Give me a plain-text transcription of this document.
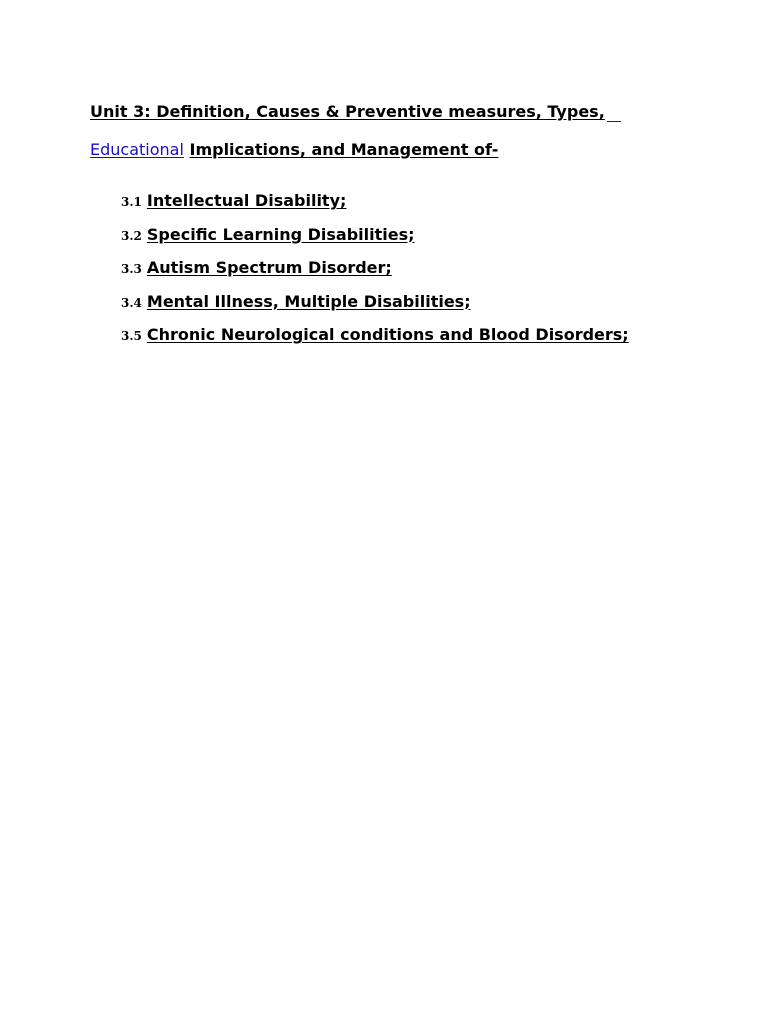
Unit 3: Definition, Causes & Preventive measures, Types,
Educational Implications, and Management of-
3.1 Intellectual Disability;
3.2 Specific Learning Disabilities;
3.3 Autism Spectrum Disorder;
3.4 Mental Illness, Multiple Disabilities;
3.5 Chronic Neurological conditions and Blood Disorders;
